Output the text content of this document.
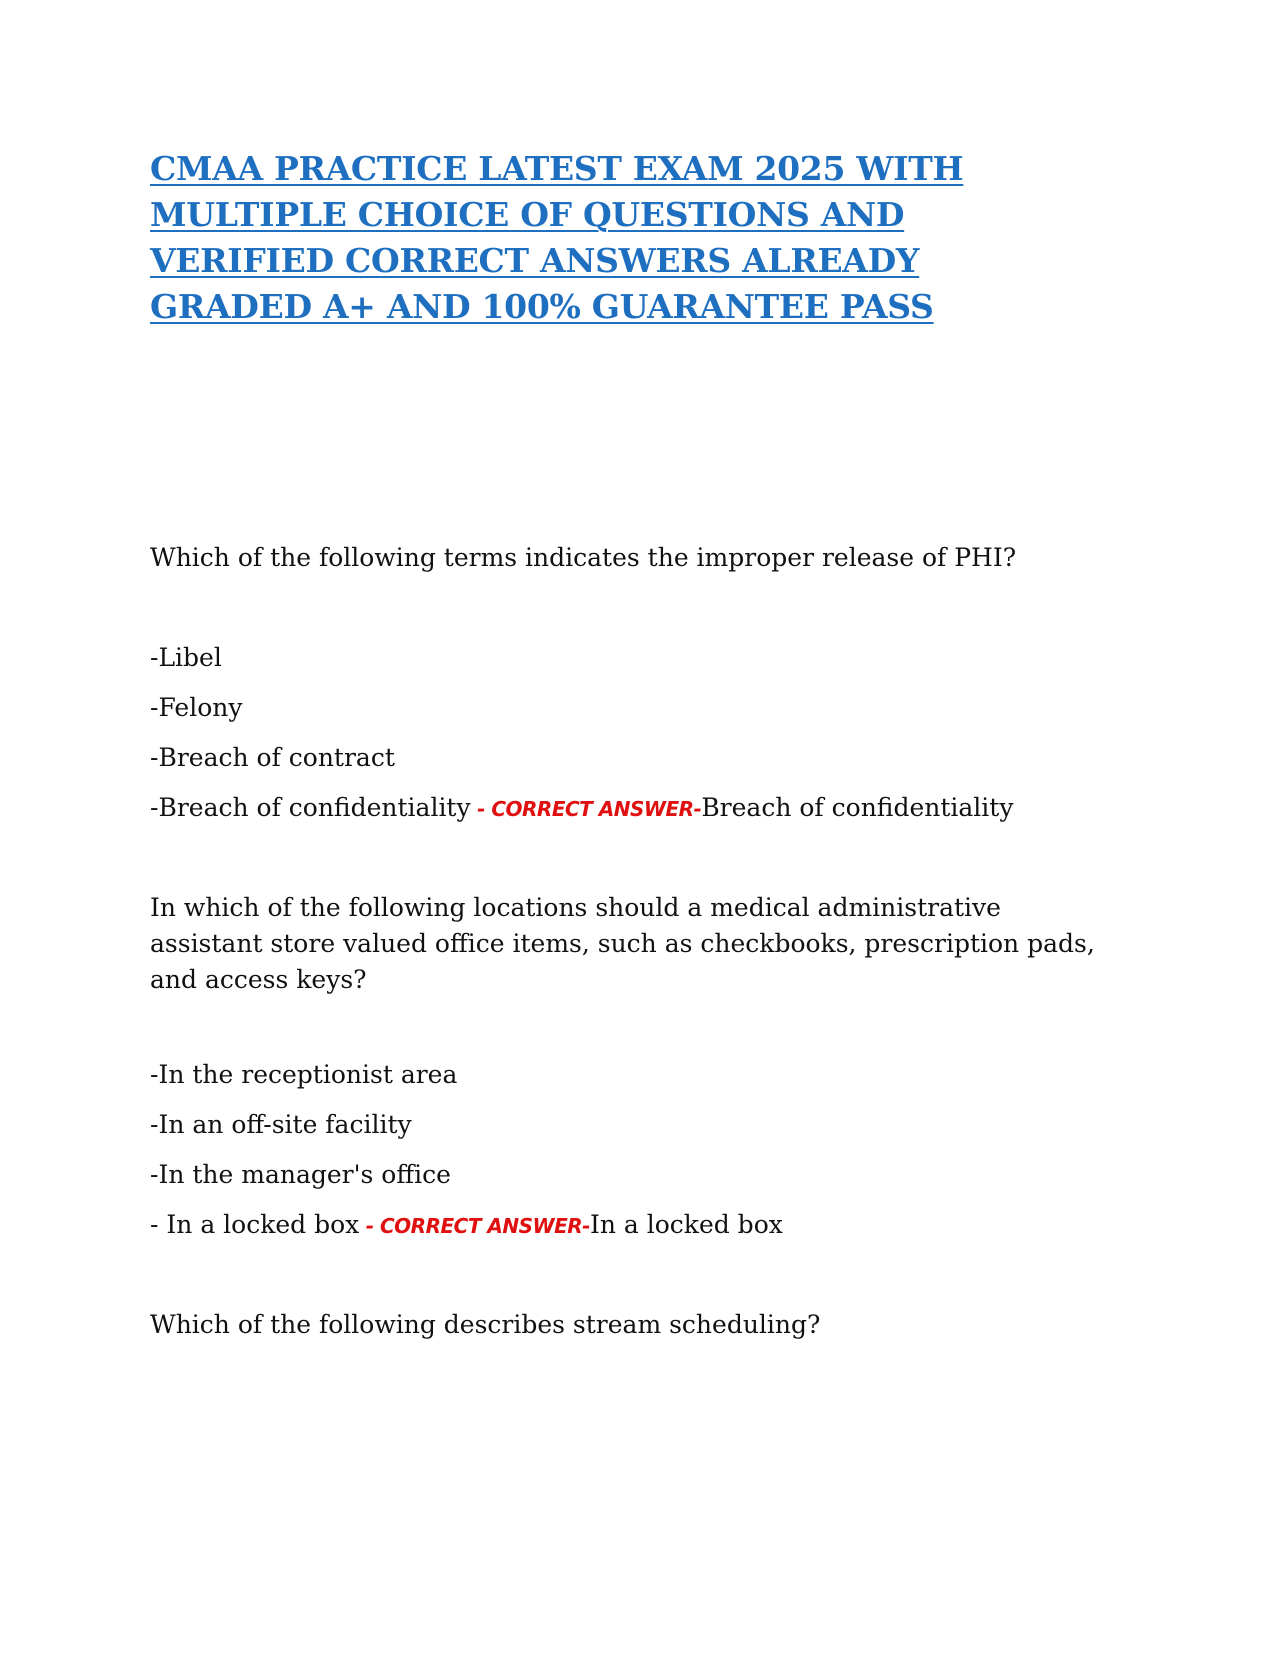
CMAA PRACTICE LATEST EXAM 2025 WITH
MULTIPLE CHOICE OF QUESTIONS AND
VERIFIED CORRECT ANSWERS ALREADY
GRADED A+ AND 100% GUARANTEE PASS

Which of the following terms indicates the improper release of PHI?

-Libel

-Felony

-Breach of contract

-Breach of confidentiality - CORRECT ANSWER-Breach of confidentiality

In which of the following locations should a medical administrative
assistant store valued office items, such as checkbooks, prescription pads,
and access keys?

-In the receptionist area

-In an off-site facility

-In the manager's office

- In a locked box - CORRECT ANSWER-In a locked box

Which of the following describes stream scheduling?
